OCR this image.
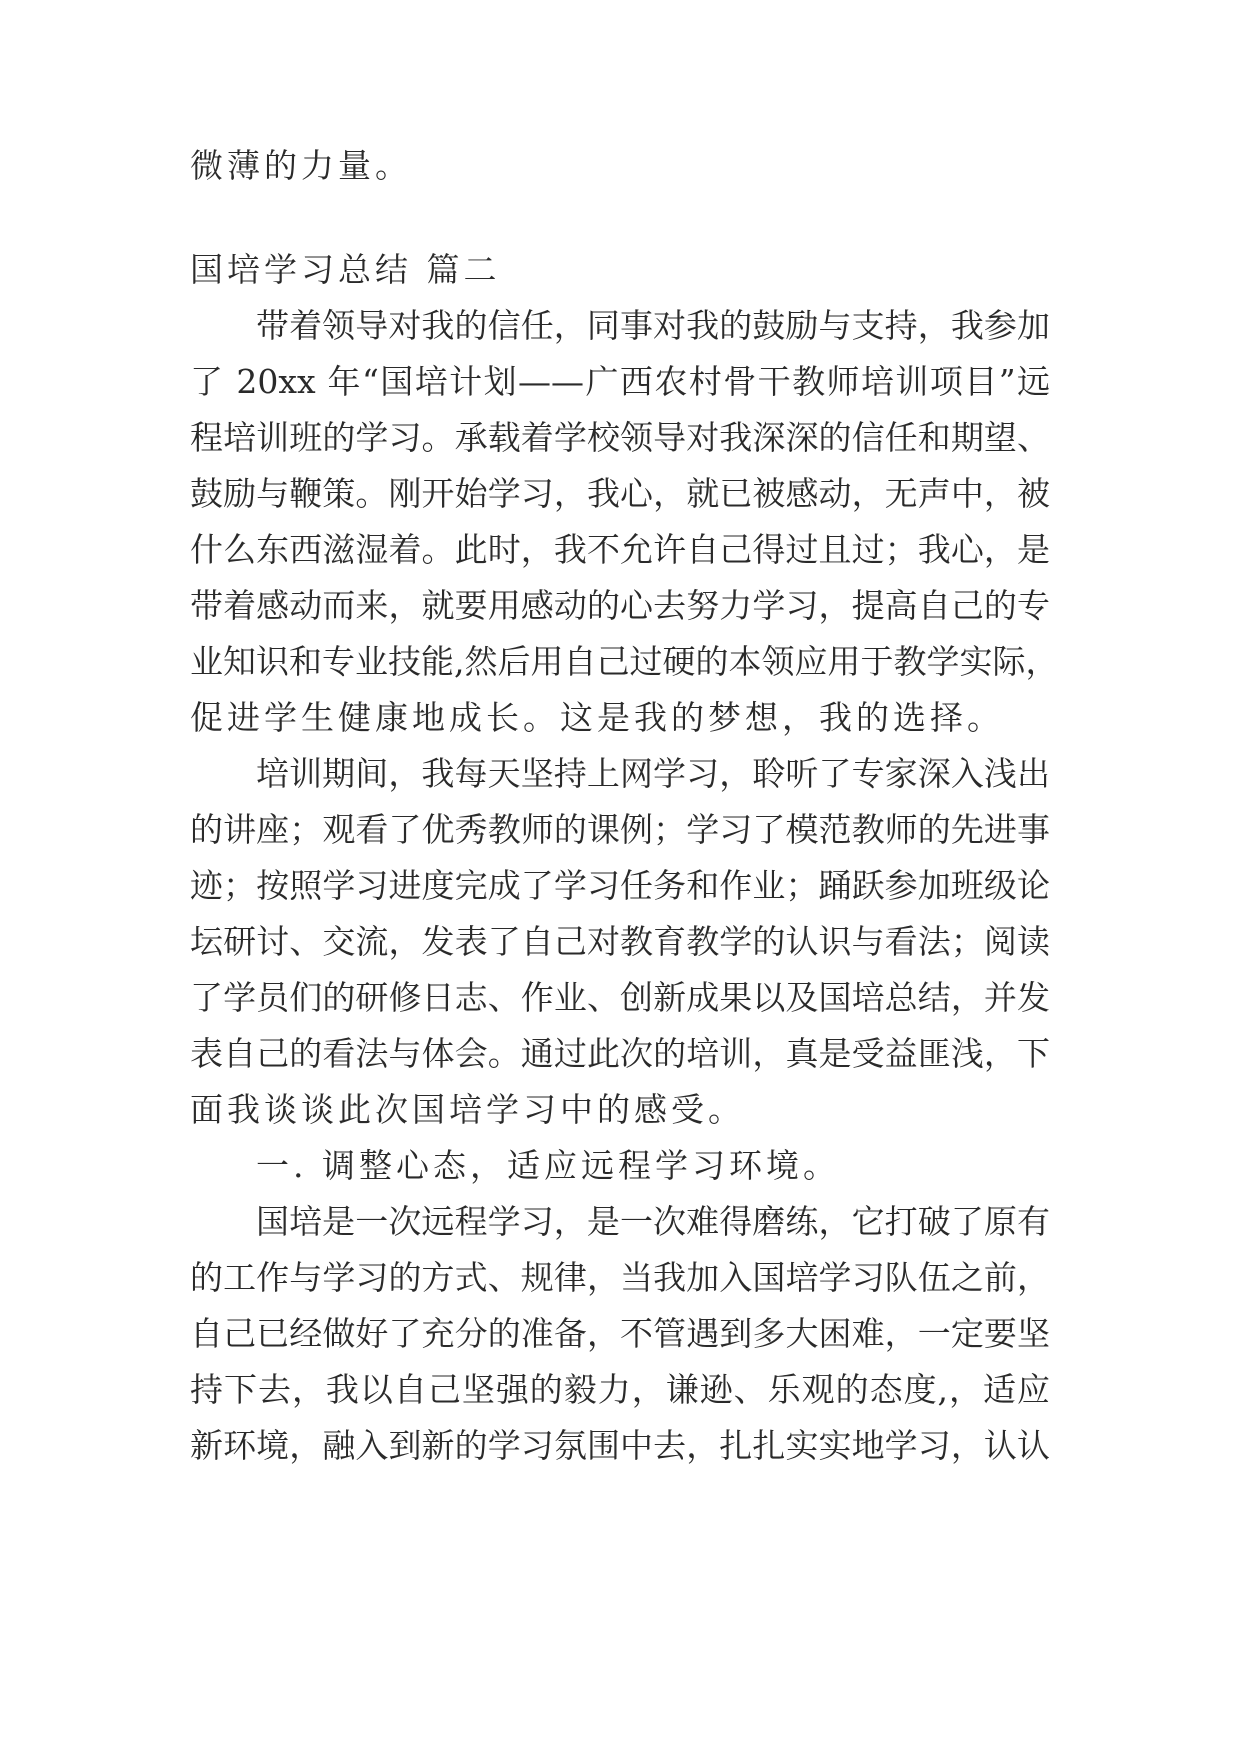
微薄的力量。
国培学习总结 篇二
带着领导对我的信任，同事对我的鼓励与支持，我参加
了 20xx 年“国培计划——广西农村骨干教师培训项目”远
程培训班的学习。承载着学校领导对我深深的信任和期望、
鼓励与鞭策。刚开始学习，我心，就已被感动，无声中，被
什么东西滋湿着。此时，我不允许自己得过且过；我心，是
带着感动而来，就要用感动的心去努力学习，提高自己的专
业知识和专业技能,然后用自己过硬的本领应用于教学实际，
促进学生健康地成长。这是我的梦想，我的选择。
培训期间，我每天坚持上网学习，聆听了专家深入浅出
的讲座；观看了优秀教师的课例；学习了模范教师的先进事
迹；按照学习进度完成了学习任务和作业；踊跃参加班级论
坛研讨、交流，发表了自己对教育教学的认识与看法；阅读
了学员们的研修日志、作业、创新成果以及国培总结，并发
表自己的看法与体会。通过此次的培训，真是受益匪浅，下
面我谈谈此次国培学习中的感受。
一. 调整心态，适应远程学习环境。
国培是一次远程学习，是一次难得磨练，它打破了原有
的工作与学习的方式、规律，当我加入国培学习队伍之前，
自己已经做好了充分的准备，不管遇到多大困难，一定要坚
持下去，我以自己坚强的毅力，谦逊、乐观的态度,，适应
新环境，融入到新的学习氛围中去，扎扎实实地学习，认认
